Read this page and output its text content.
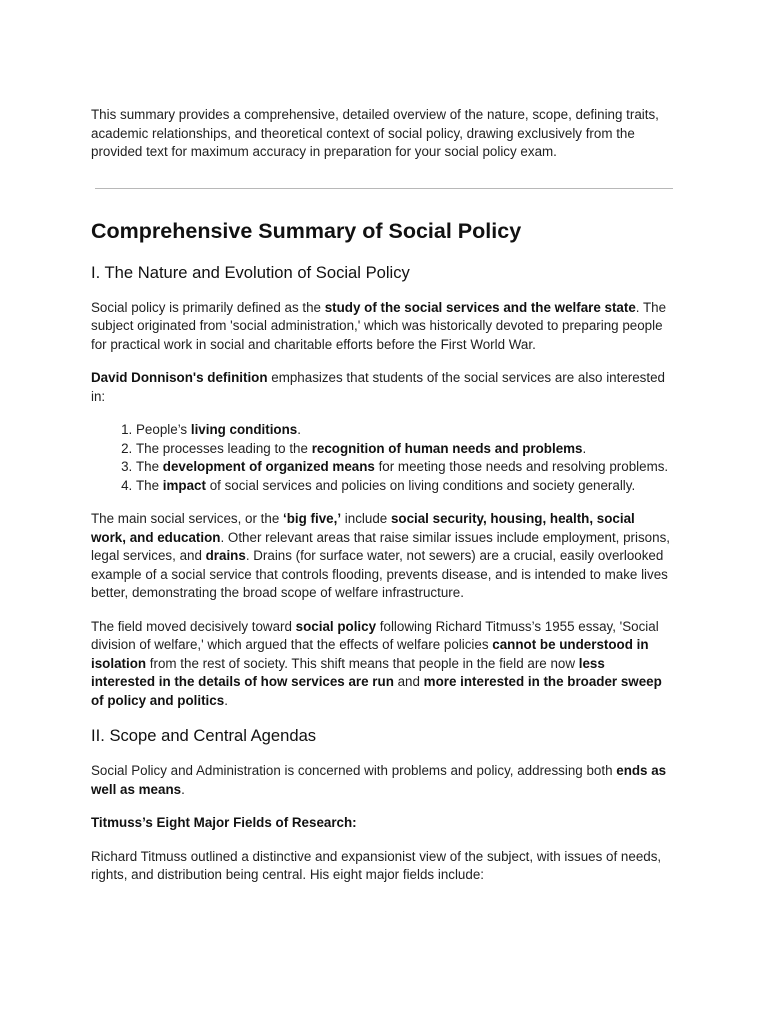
This summary provides a comprehensive, detailed overview of the nature, scope, defining traits, academic relationships, and theoretical context of social policy, drawing exclusively from the provided text for maximum accuracy in preparation for your social policy exam.

Comprehensive Summary of Social Policy
I. The Nature and Evolution of Social Policy

Social policy is primarily defined as the study of the social services and the welfare state. The subject originated from 'social administration,' which was historically devoted to preparing people for practical work in social and charitable efforts before the First World War.

David Donnison's definition emphasizes that students of the social services are also interested in:

1. People’s living conditions.
2. The processes leading to the recognition of human needs and problems.
3. The development of organized means for meeting those needs and resolving problems.
4. The impact of social services and policies on living conditions and society generally.

The main social services, or the ‘big five,’ include social security, housing, health, social work, and education. Other relevant areas that raise similar issues include employment, prisons, legal services, and drains. Drains (for surface water, not sewers) are a crucial, easily overlooked example of a social service that controls flooding, prevents disease, and is intended to make lives better, demonstrating the broad scope of welfare infrastructure.

The field moved decisively toward social policy following Richard Titmuss’s 1955 essay, 'Social division of welfare,' which argued that the effects of welfare policies cannot be understood in isolation from the rest of society. This shift means that people in the field are now less interested in the details of how services are run and more interested in the broader sweep of policy and politics.

II. Scope and Central Agendas

Social Policy and Administration is concerned with problems and policy, addressing both ends as well as means.

Titmuss’s Eight Major Fields of Research:

Richard Titmuss outlined a distinctive and expansionist view of the subject, with issues of needs, rights, and distribution being central. His eight major fields include:
